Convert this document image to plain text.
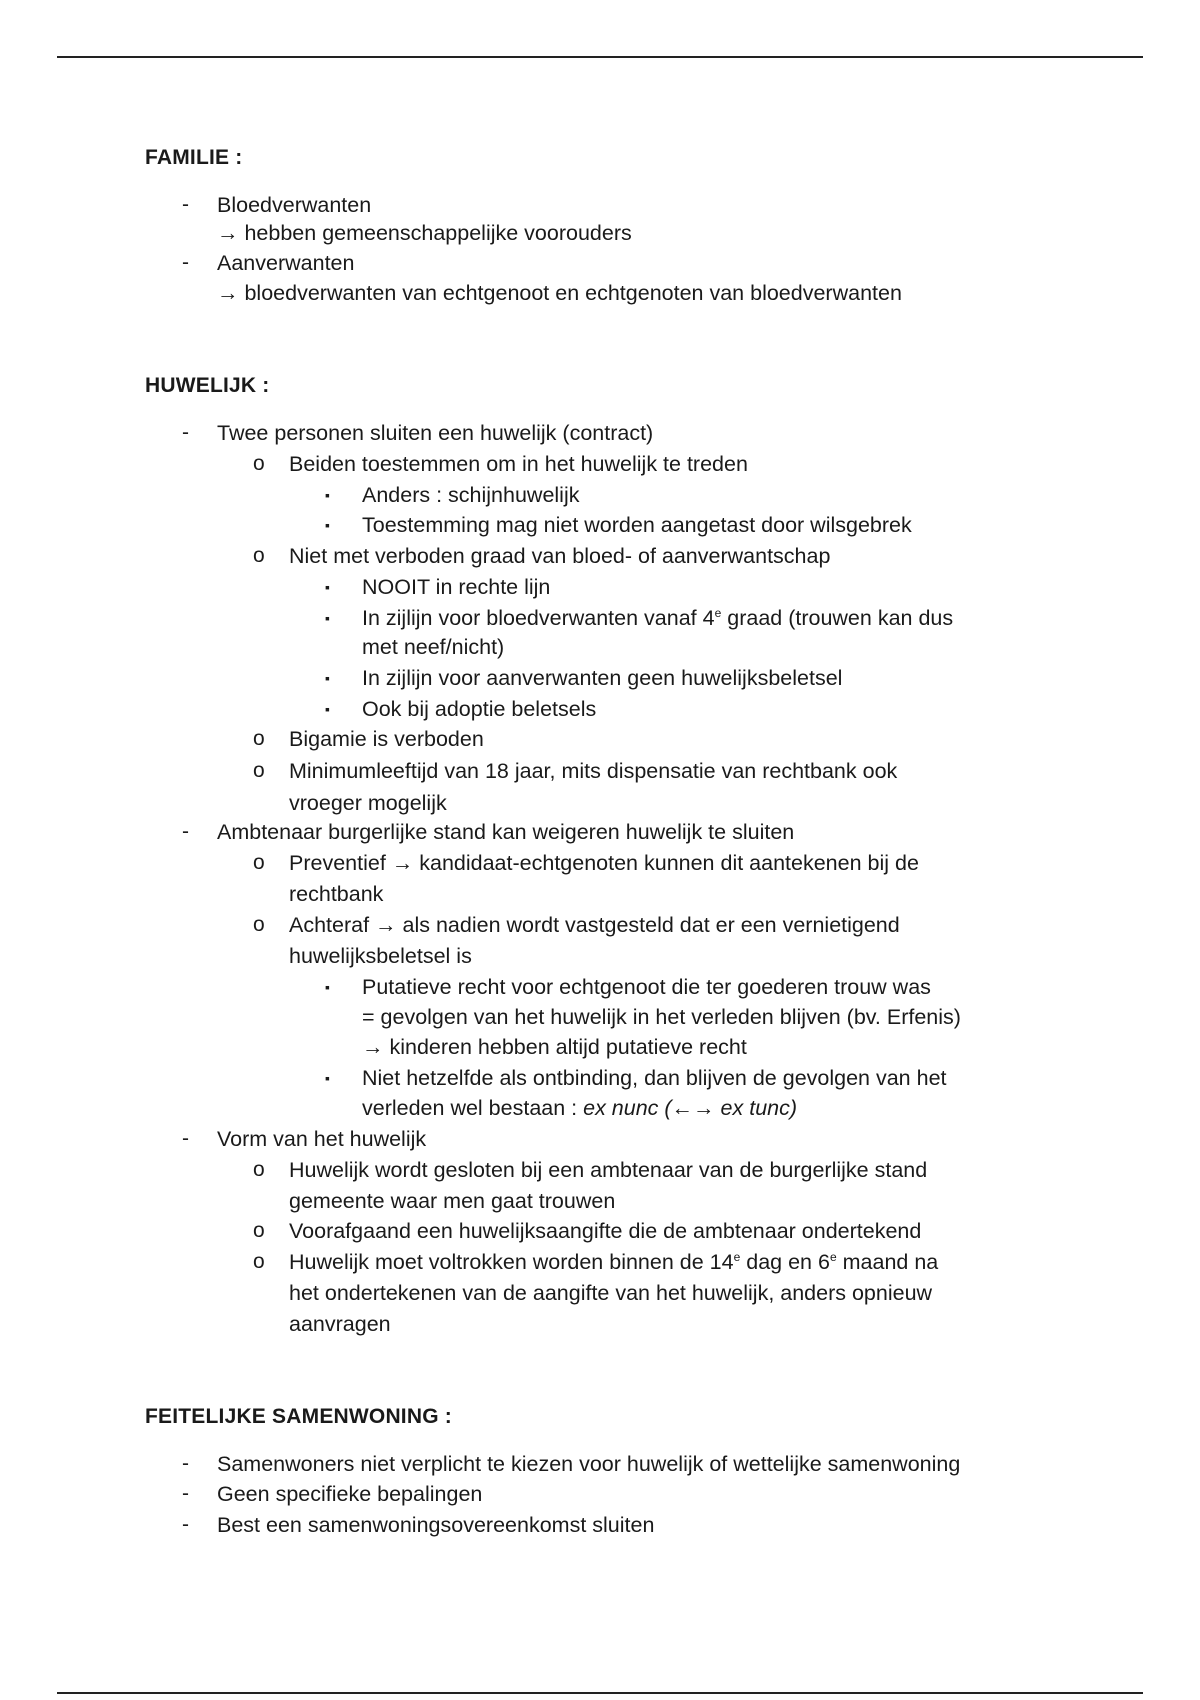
FAMILIE :
- Bloedverwanten
→ hebben gemeenschappelijke voorouders
- Aanverwanten
→ bloedverwanten van echtgenoot en echtgenoten van bloedverwanten
HUWELIJK :
- Twee personen sluiten een huwelijk (contract)
o Beiden toestemmen om in het huwelijk te treden
▪ Anders : schijnhuwelijk
▪ Toestemming mag niet worden aangetast door wilsgebrek
o Niet met verboden graad van bloed- of aanverwantschap
▪ NOOIT in rechte lijn
▪ In zijlijn voor bloedverwanten vanaf 4e graad (trouwen kan dus
met neef/nicht)
▪ In zijlijn voor aanverwanten geen huwelijksbeletsel
▪ Ook bij adoptie beletsels
o Bigamie is verboden
o Minimumleeftijd van 18 jaar, mits dispensatie van rechtbank ook
vroeger mogelijk
- Ambtenaar burgerlijke stand kan weigeren huwelijk te sluiten
o Preventief → kandidaat-echtgenoten kunnen dit aantekenen bij de
rechtbank
o Achteraf → als nadien wordt vastgesteld dat er een vernietigend
huwelijksbeletsel is
▪ Putatieve recht voor echtgenoot die ter goederen trouw was
= gevolgen van het huwelijk in het verleden blijven (bv. Erfenis)
→ kinderen hebben altijd putatieve recht
▪ Niet hetzelfde als ontbinding, dan blijven de gevolgen van het
verleden wel bestaan : ex nunc (←→ ex tunc)
- Vorm van het huwelijk
o Huwelijk wordt gesloten bij een ambtenaar van de burgerlijke stand
gemeente waar men gaat trouwen
o Voorafgaand een huwelijksaangifte die de ambtenaar ondertekend
o Huwelijk moet voltrokken worden binnen de 14e dag en 6e maand na
het ondertekenen van de aangifte van het huwelijk, anders opnieuw
aanvragen
FEITELIJKE SAMENWONING :
- Samenwoners niet verplicht te kiezen voor huwelijk of wettelijke samenwoning
- Geen specifieke bepalingen
- Best een samenwoningsovereenkomst sluiten
